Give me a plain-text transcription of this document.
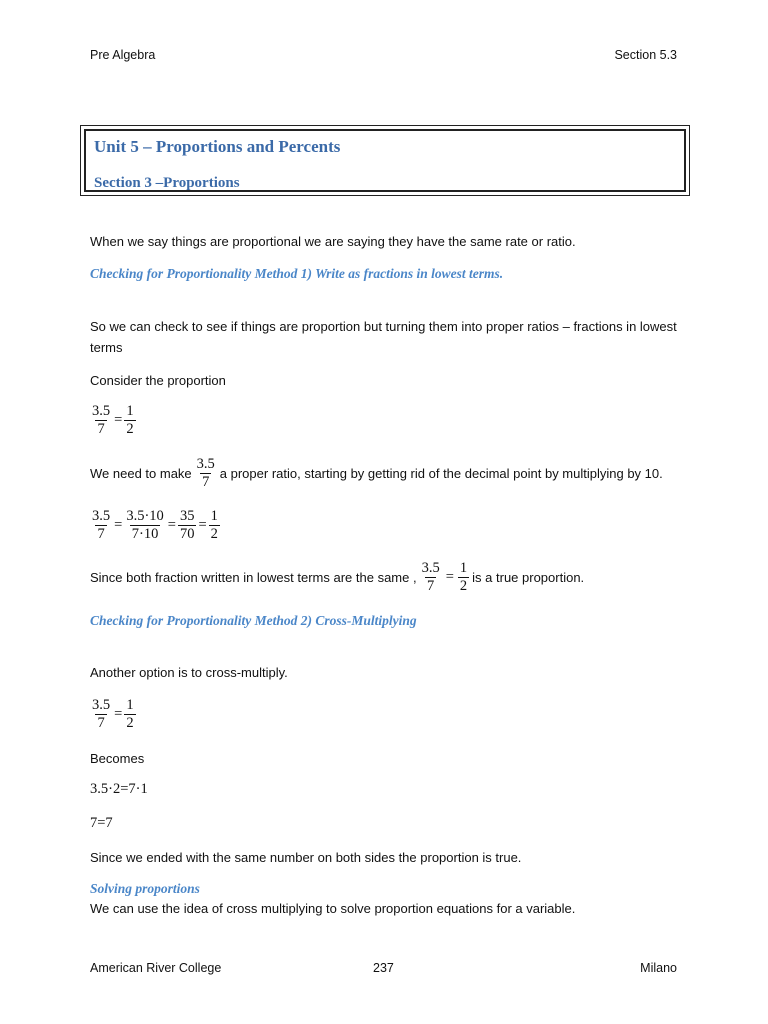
Pre Algebra	Section 5.3
Unit 5 – Proportions and Percents
Section 3 –Proportions
When we say things are proportional we are saying they have the same rate or ratio.
Checking for Proportionality Method 1) Write as fractions in lowest terms.
So we can check to see if things are proportion but turning them into proper ratios – fractions in lowest
terms
Consider the proportion
$\frac{3.5}{7} = \frac{1}{2}$
We need to make $\frac{3.5}{7}$ a proper ratio, starting by getting rid of the decimal point by multiplying by 10.
$\frac{3.5}{7} = \frac{3.5\cdot 10}{7\cdot 10} = \frac{35}{70} = \frac{1}{2}$
Since both fraction written in lowest terms are the same , $\frac{3.5}{7} = \frac{1}{2}$ is a true proportion.
Checking for Proportionality Method 2) Cross-Multiplying
Another option is to cross-multiply.
$\frac{3.5}{7} = \frac{1}{2}$
Becomes
3.5·2=7·1
7=7
Since we ended with the same number on both sides the proportion is true.
Solving proportions
We can use the idea of cross multiplying to solve proportion equations for a variable.
American River College	237	Milano
